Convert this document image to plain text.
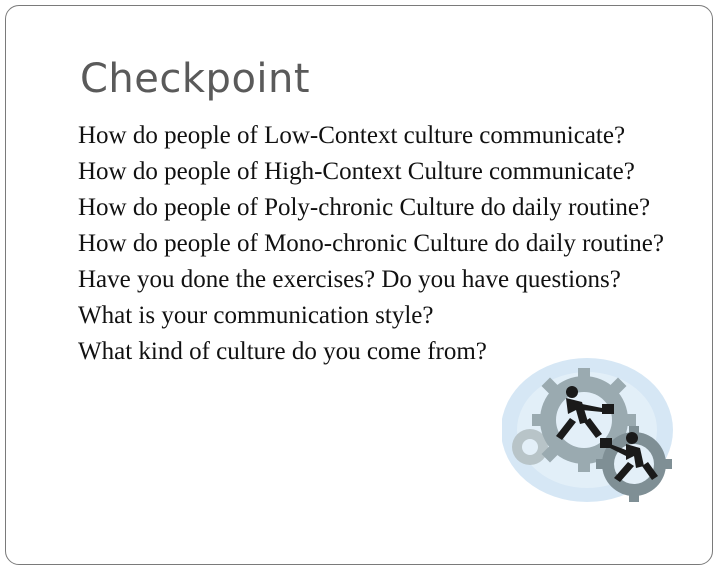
Checkpoint
How do people of Low-Context culture communicate?
How do people of High-Context Culture communicate?
How do people of Poly-chronic Culture do daily routine?
How do people of Mono-chronic Culture do daily routine?
Have you done the exercises? Do you have questions?
What is your communication style?
What kind of culture do you come from?
